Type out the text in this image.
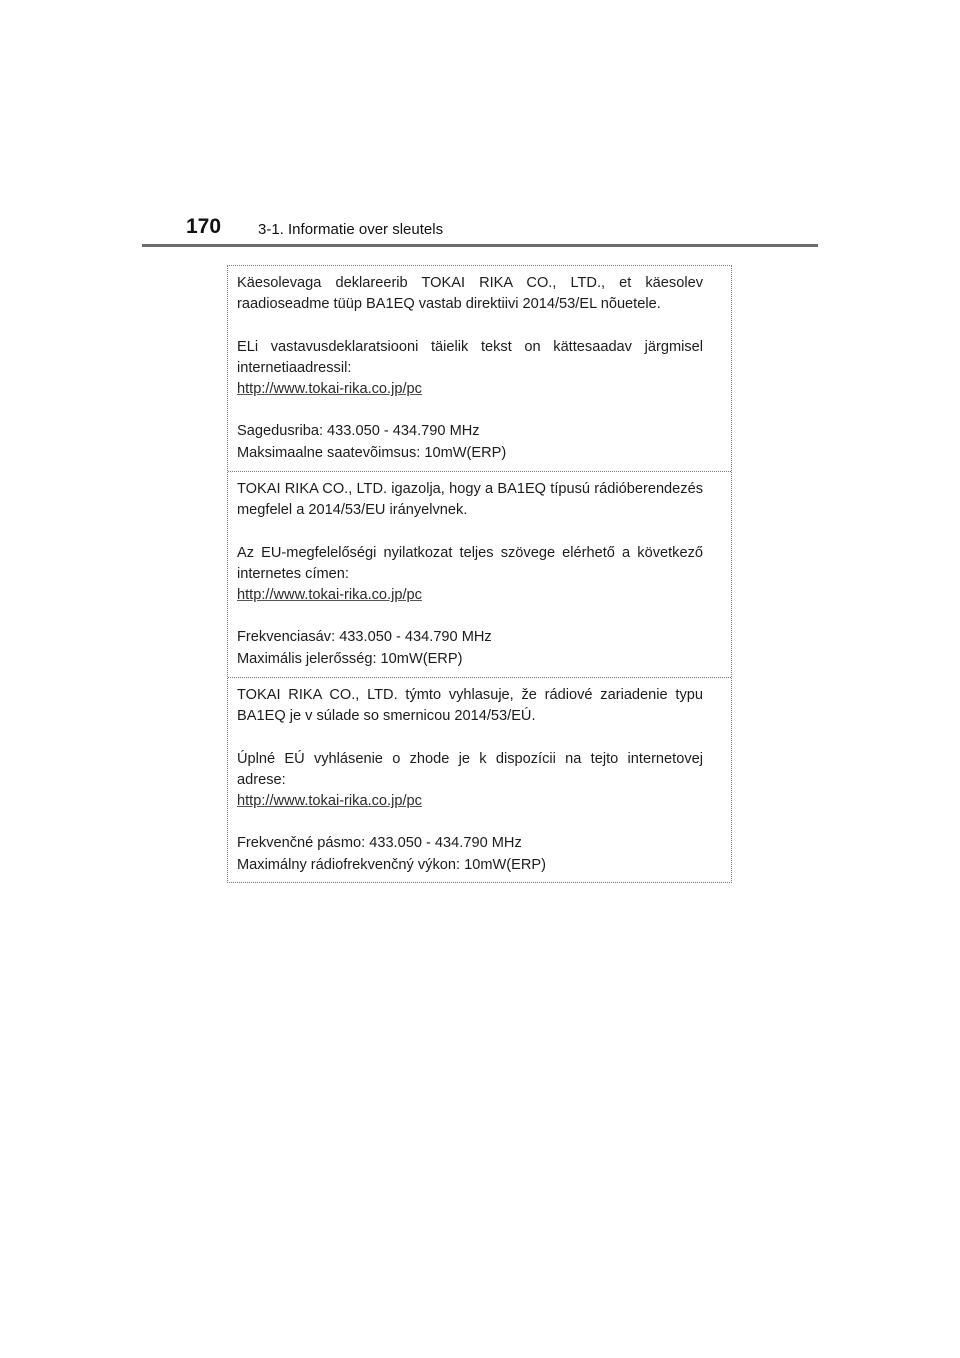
170 3-1. Informatie over sleutels

Käesolevaga deklareerib TOKAI RIKA CO., LTD., et käesolev raadioseadme tüüp BA1EQ vastab direktiivi 2014/53/EL nõuetele.

ELi vastavusdeklaratsiooni täielik tekst on kättesaadav järgmisel internetiaadressil:

http://www.tokai-rika.co.jp/pc
Sagedusriba: 433.050 - 434.790 MHz
Maksimaalne saatevõimsus: 10mW(ERP)

TOKAI RIKA CO., LTD. igazolja, hogy a BA1EQ típusú rádióberendezés megfelel a 2014/53/EU irányelvnek.

Az EU-megfelelőségi nyilatkozat teljes szövege elérhető a következő internetes címen:

http://www.tokai-rika.co.jp/pc
Frekvenciasáv: 433.050 - 434.790 MHz
Maximális jelerősség: 10mW(ERP)

TOKAI RIKA CO., LTD. týmto vyhlasuje, že rádiové zariadenie typu BA1EQ je v súlade so smernicou 2014/53/EÚ.

Úplné EÚ vyhlásenie o zhode je k dispozícii na tejto internetovej adrese:

http://www.tokai-rika.co.jp/pc
Frekvenčné pásmo: 433.050 - 434.790 MHz
Maximálny rádiofrekvenčný výkon: 10mW(ERP)
